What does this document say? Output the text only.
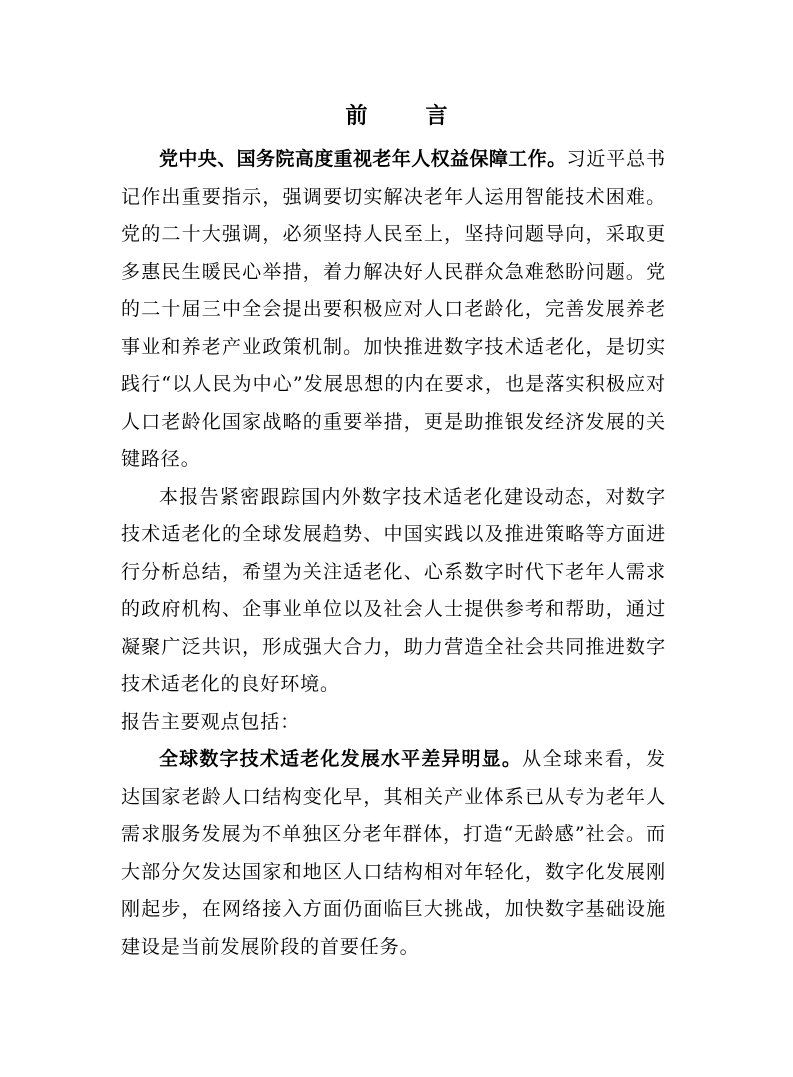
前　言

党中央、国务院高度重视老年人权益保障工作。习近平总书记作出重要指示，强调要切实解决老年人运用智能技术困难。党的二十大强调，必须坚持人民至上，坚持问题导向，采取更多惠民生暖民心举措，着力解决好人民群众急难愁盼问题。党的二十届三中全会提出要积极应对人口老龄化，完善发展养老事业和养老产业政策机制。加快推进数字技术适老化，是切实践行“以人民为中心”发展思想的内在要求，也是落实积极应对人口老龄化国家战略的重要举措，更是助推银发经济发展的关键路径。

本报告紧密跟踪国内外数字技术适老化建设动态，对数字技术适老化的全球发展趋势、中国实践以及推进策略等方面进行分析总结，希望为关注适老化、心系数字时代下老年人需求的政府机构、企事业单位以及社会人士提供参考和帮助，通过凝聚广泛共识，形成强大合力，助力营造全社会共同推进数字技术适老化的良好环境。

报告主要观点包括：

全球数字技术适老化发展水平差异明显。从全球来看，发达国家老龄人口结构变化早，其相关产业体系已从专为老年人需求服务发展为不单独区分老年群体，打造“无龄感”社会。而大部分欠发达国家和地区人口结构相对年轻化，数字化发展刚刚起步，在网络接入方面仍面临巨大挑战，加快数字基础设施建设是当前发展阶段的首要任务。
